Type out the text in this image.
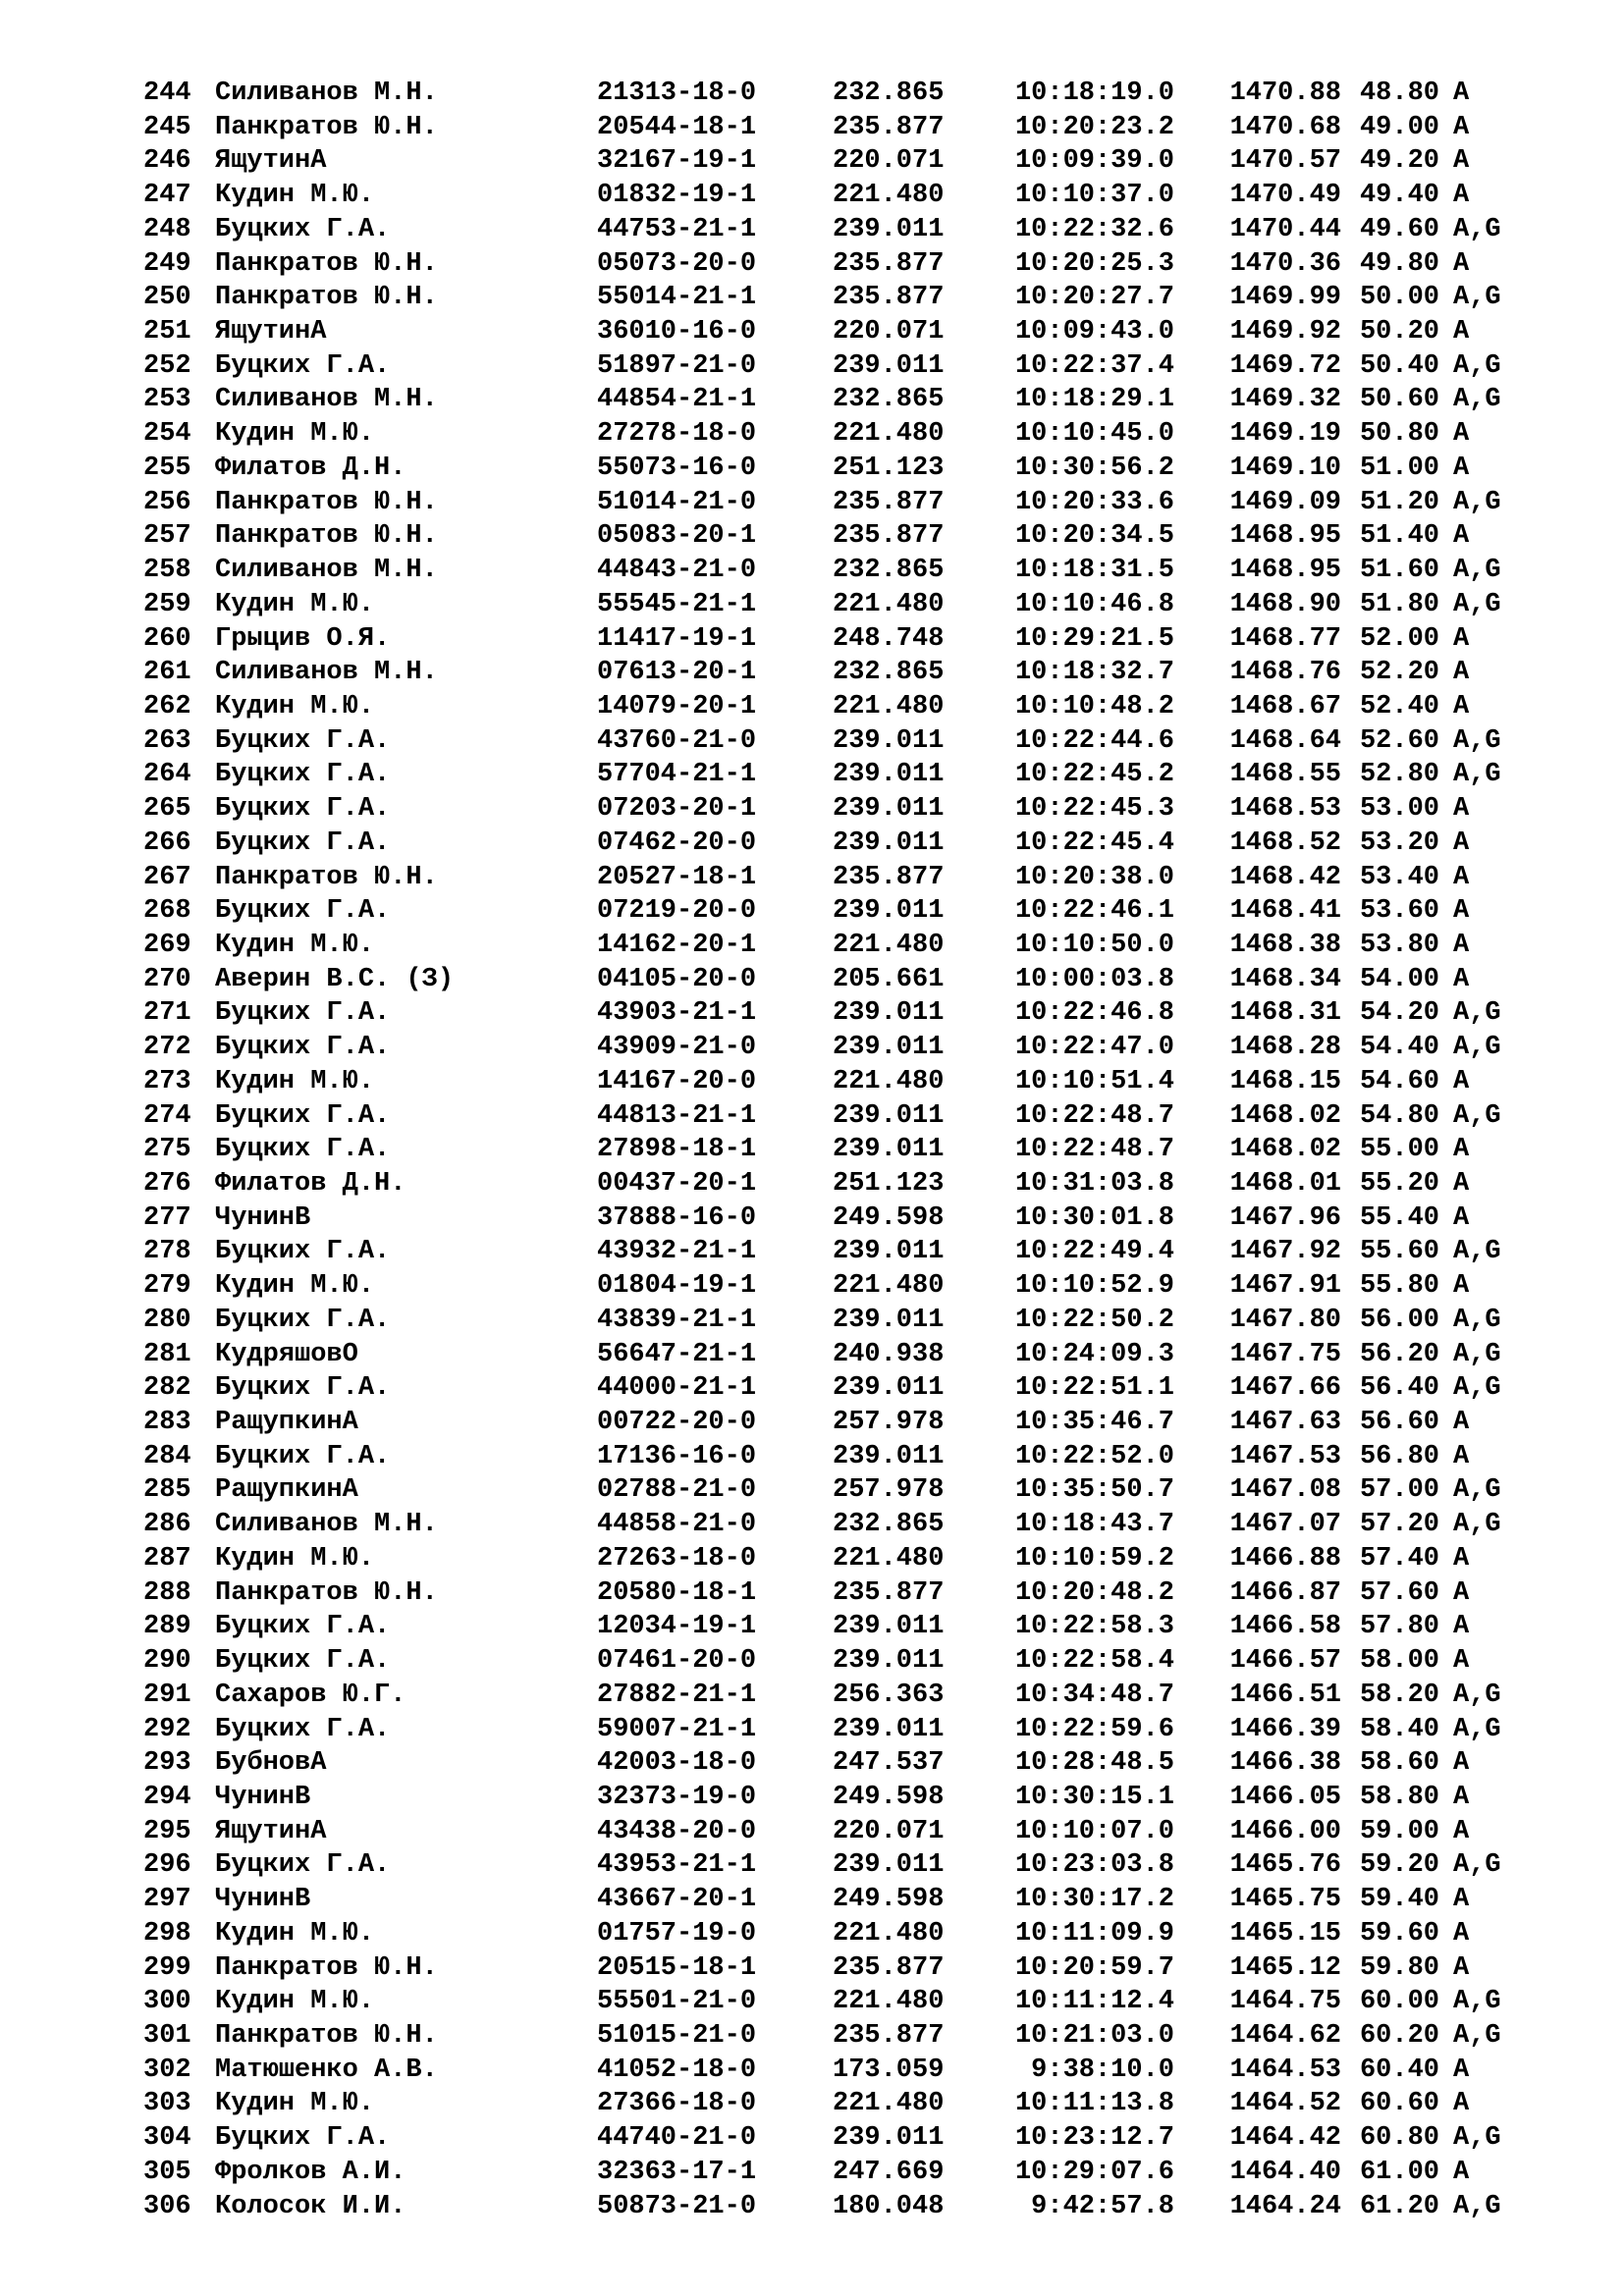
244 Силиванов М.Н.	21313-18-0	232.865	10:18:19.0	1470.88 48.80 A
245 Панкратов Ю.Н.	20544-18-1	235.877	10:20:23.2	1470.68 49.00 A
246 ЯщутинА	32167-19-1	220.071	10:09:39.0	1470.57 49.20 A
247 Кудин М.Ю.	01832-19-1	221.480	10:10:37.0	1470.49 49.40 A
248 Буцких Г.А.	44753-21-1	239.011	10:22:32.6	1470.44 49.60 A,G
249 Панкратов Ю.Н.	05073-20-0	235.877	10:20:25.3	1470.36 49.80 A
250 Панкратов Ю.Н.	55014-21-1	235.877	10:20:27.7	1469.99 50.00 A,G
251 ЯщутинА	36010-16-0	220.071	10:09:43.0	1469.92 50.20 A
252 Буцких Г.А.	51897-21-0	239.011	10:22:37.4	1469.72 50.40 A,G
253 Силиванов М.Н.	44854-21-1	232.865	10:18:29.1	1469.32 50.60 A,G
254 Кудин М.Ю.	27278-18-0	221.480	10:10:45.0	1469.19 50.80 A
255 Филатов Д.Н.	55073-16-0	251.123	10:30:56.2	1469.10 51.00 A
256 Панкратов Ю.Н.	51014-21-0	235.877	10:20:33.6	1469.09 51.20 A,G
257 Панкратов Ю.Н.	05083-20-1	235.877	10:20:34.5	1468.95 51.40 A
258 Силиванов М.Н.	44843-21-0	232.865	10:18:31.5	1468.95 51.60 A,G
259 Кудин М.Ю.	55545-21-1	221.480	10:10:46.8	1468.90 51.80 A,G
260 Грыцив О.Я.	11417-19-1	248.748	10:29:21.5	1468.77 52.00 A
261 Силиванов М.Н.	07613-20-1	232.865	10:18:32.7	1468.76 52.20 A
262 Кудин М.Ю.	14079-20-1	221.480	10:10:48.2	1468.67 52.40 A
263 Буцких Г.А.	43760-21-0	239.011	10:22:44.6	1468.64 52.60 A,G
264 Буцких Г.А.	57704-21-1	239.011	10:22:45.2	1468.55 52.80 A,G
265 Буцких Г.А.	07203-20-1	239.011	10:22:45.3	1468.53 53.00 A
266 Буцких Г.А.	07462-20-0	239.011	10:22:45.4	1468.52 53.20 A
267 Панкратов Ю.Н.	20527-18-1	235.877	10:20:38.0	1468.42 53.40 A
268 Буцких Г.А.	07219-20-0	239.011	10:22:46.1	1468.41 53.60 A
269 Кудин М.Ю.	14162-20-1	221.480	10:10:50.0	1468.38 53.80 A
270 Аверин В.С. (З)	04105-20-0	205.661	10:00:03.8	1468.34 54.00 A
271 Буцких Г.А.	43903-21-1	239.011	10:22:46.8	1468.31 54.20 A,G
272 Буцких Г.А.	43909-21-0	239.011	10:22:47.0	1468.28 54.40 A,G
273 Кудин М.Ю.	14167-20-0	221.480	10:10:51.4	1468.15 54.60 A
274 Буцких Г.А.	44813-21-1	239.011	10:22:48.7	1468.02 54.80 A,G
275 Буцких Г.А.	27898-18-1	239.011	10:22:48.7	1468.02 55.00 A
276 Филатов Д.Н.	00437-20-1	251.123	10:31:03.8	1468.01 55.20 A
277 ЧунинВ	37888-16-0	249.598	10:30:01.8	1467.96 55.40 A
278 Буцких Г.А.	43932-21-1	239.011	10:22:49.4	1467.92 55.60 A,G
279 Кудин М.Ю.	01804-19-1	221.480	10:10:52.9	1467.91 55.80 A
280 Буцких Г.А.	43839-21-1	239.011	10:22:50.2	1467.80 56.00 A,G
281 КудряшовО	56647-21-1	240.938	10:24:09.3	1467.75 56.20 A,G
282 Буцких Г.А.	44000-21-1	239.011	10:22:51.1	1467.66 56.40 A,G
283 РащупкинА	00722-20-0	257.978	10:35:46.7	1467.63 56.60 A
284 Буцких Г.А.	17136-16-0	239.011	10:22:52.0	1467.53 56.80 A
285 РащупкинА	02788-21-0	257.978	10:35:50.7	1467.08 57.00 A,G
286 Силиванов М.Н.	44858-21-0	232.865	10:18:43.7	1467.07 57.20 A,G
287 Кудин М.Ю.	27263-18-0	221.480	10:10:59.2	1466.88 57.40 A
288 Панкратов Ю.Н.	20580-18-1	235.877	10:20:48.2	1466.87 57.60 A
289 Буцких Г.А.	12034-19-1	239.011	10:22:58.3	1466.58 57.80 A
290 Буцких Г.А.	07461-20-0	239.011	10:22:58.4	1466.57 58.00 A
291 Сахаров Ю.Г.	27882-21-1	256.363	10:34:48.7	1466.51 58.20 A,G
292 Буцких Г.А.	59007-21-1	239.011	10:22:59.6	1466.39 58.40 A,G
293 БубновА	42003-18-0	247.537	10:28:48.5	1466.38 58.60 A
294 ЧунинВ	32373-19-0	249.598	10:30:15.1	1466.05 58.80 A
295 ЯщутинА	43438-20-0	220.071	10:10:07.0	1466.00 59.00 A
296 Буцких Г.А.	43953-21-1	239.011	10:23:03.8	1465.76 59.20 A,G
297 ЧунинВ	43667-20-1	249.598	10:30:17.2	1465.75 59.40 A
298 Кудин М.Ю.	01757-19-0	221.480	10:11:09.9	1465.15 59.60 A
299 Панкратов Ю.Н.	20515-18-1	235.877	10:20:59.7	1465.12 59.80 A
300 Кудин М.Ю.	55501-21-0	221.480	10:11:12.4	1464.75 60.00 A,G
301 Панкратов Ю.Н.	51015-21-0	235.877	10:21:03.0	1464.62 60.20 A,G
302 Матюшенко А.В.	41052-18-0	173.059	9:38:10.0	1464.53 60.40 A
303 Кудин М.Ю.	27366-18-0	221.480	10:11:13.8	1464.52 60.60 A
304 Буцких Г.А.	44740-21-0	239.011	10:23:12.7	1464.42 60.80 A,G
305 Фролков А.И.	32363-17-1	247.669	10:29:07.6	1464.40 61.00 A
306 Колосок И.И.	50873-21-0	180.048	9:42:57.8	1464.24 61.20 A,G
